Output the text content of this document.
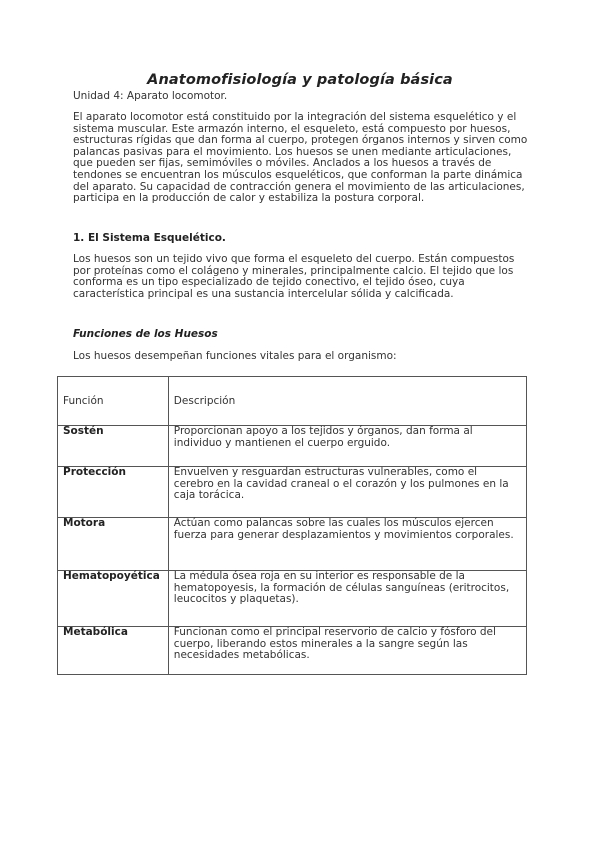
Anatomofisiología y patología básica
Unidad 4: Aparato locomotor.

El aparato locomotor está constituido por la integración del sistema esquelético y el sistema muscular. Este armazón interno, el esqueleto, está compuesto por huesos, estructuras rígidas que dan forma al cuerpo, protegen órganos internos y sirven como palancas pasivas para el movimiento. Los huesos se unen mediante articulaciones, que pueden ser fijas, semimóviles o móviles. Anclados a los huesos a través de tendones se encuentran los músculos esqueléticos, que conforman la parte dinámica del aparato. Su capacidad de contracción genera el movimiento de las articulaciones, participa en la producción de calor y estabiliza la postura corporal.

1. El Sistema Esquelético.

Los huesos son un tejido vivo que forma el esqueleto del cuerpo. Están compuestos por proteínas como el colágeno y minerales, principalmente calcio. El tejido que los conforma es un tipo especializado de tejido conectivo, el tejido óseo, cuya característica principal es una sustancia intercelular sólida y calcificada.

Funciones de los Huesos
Los huesos desempeñan funciones vitales para el organismo:
Función	Descripción
Sostén	Proporcionan apoyo a los tejidos y órganos, dan forma al individuo y mantienen el cuerpo erguido.
Protección	Envuelven y resguardan estructuras vulnerables, como el cerebro en la cavidad craneal o el corazón y los pulmones en la caja torácica.
Motora	Actúan como palancas sobre las cuales los músculos ejercen fuerza para generar desplazamientos y movimientos corporales.
Hematopoyética	La médula ósea roja en su interior es responsable de la hematopoyesis, la formación de células sanguíneas (eritrocitos, leucocitos y plaquetas).
Metabólica	Funcionan como el principal reservorio de calcio y fósforo del cuerpo, liberando estos minerales a la sangre según las necesidades metabólicas.
